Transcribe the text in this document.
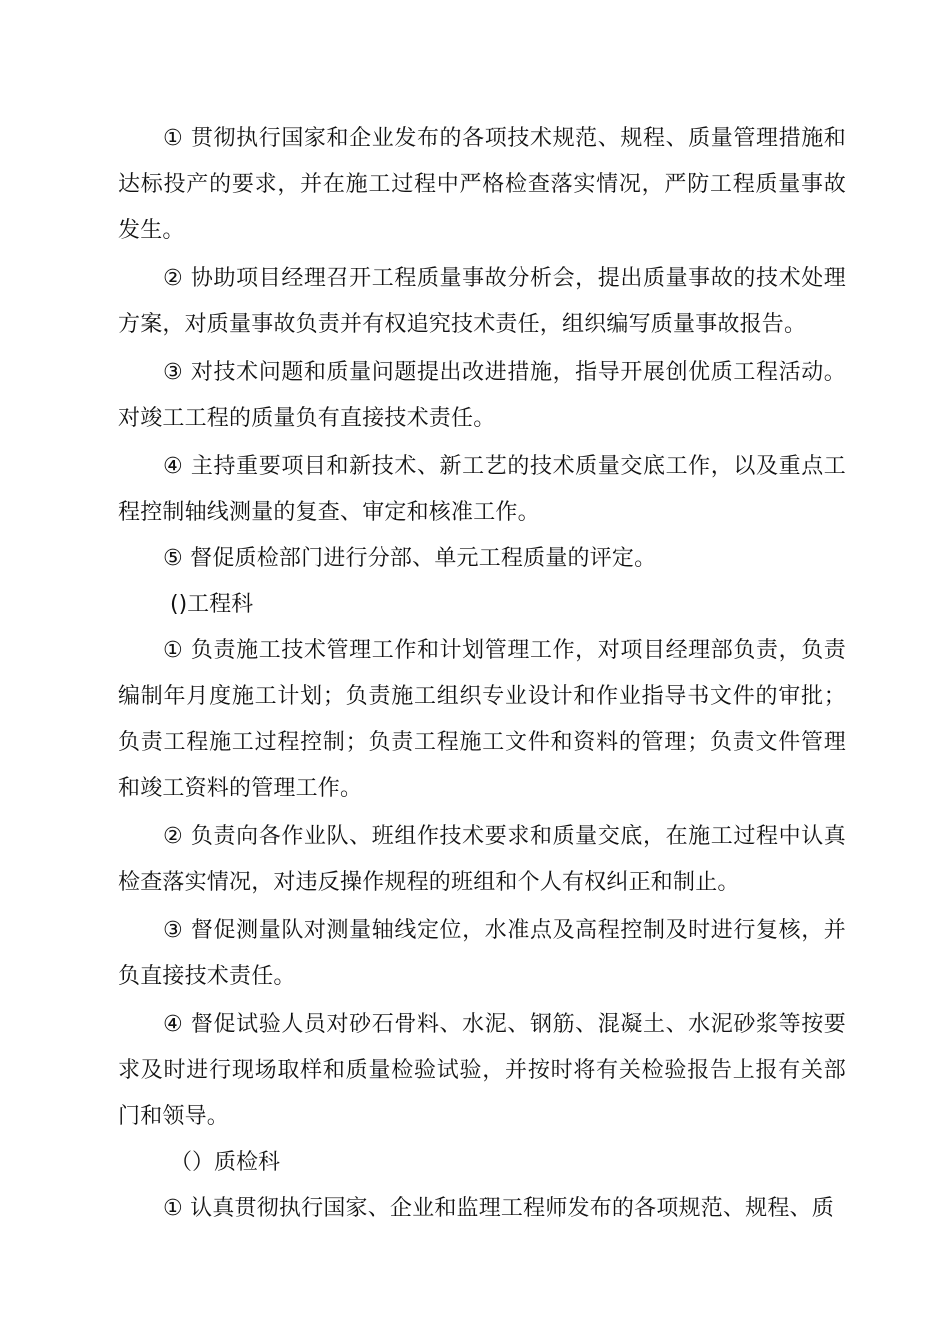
① 贯彻执行国家和企业发布的各项技术规范、规程、质量管理措施和达标投产的要求，并在施工过程中严格检查落实情况，严防工程质量事故发生。

② 协助项目经理召开工程质量事故分析会，提出质量事故的技术处理方案，对质量事故负责并有权追究技术责任，组织编写质量事故报告。

③ 对技术问题和质量问题提出改进措施，指导开展创优质工程活动。对竣工工程的质量负有直接技术责任。

④ 主持重要项目和新技术、新工艺的技术质量交底工作，以及重点工程控制轴线测量的复查、审定和核准工作。

⑤ 督促质检部门进行分部、单元工程质量的评定。

()工程科

① 负责施工技术管理工作和计划管理工作，对项目经理部负责，负责编制年月度施工计划；负责施工组织专业设计和作业指导书文件的审批；负责工程施工过程控制；负责工程施工文件和资料的管理；负责文件管理和竣工资料的管理工作。

② 负责向各作业队、班组作技术要求和质量交底，在施工过程中认真检查落实情况，对违反操作规程的班组和个人有权纠正和制止。

③ 督促测量队对测量轴线定位，水准点及高程控制及时进行复核，并负直接技术责任。

④ 督促试验人员对砂石骨料、水泥、钢筋、混凝土、水泥砂浆等按要求及时进行现场取样和质量检验试验，并按时将有关检验报告上报有关部门和领导。

（）质检科

① 认真贯彻执行国家、企业和监理工程师发布的各项规范、规程、质
